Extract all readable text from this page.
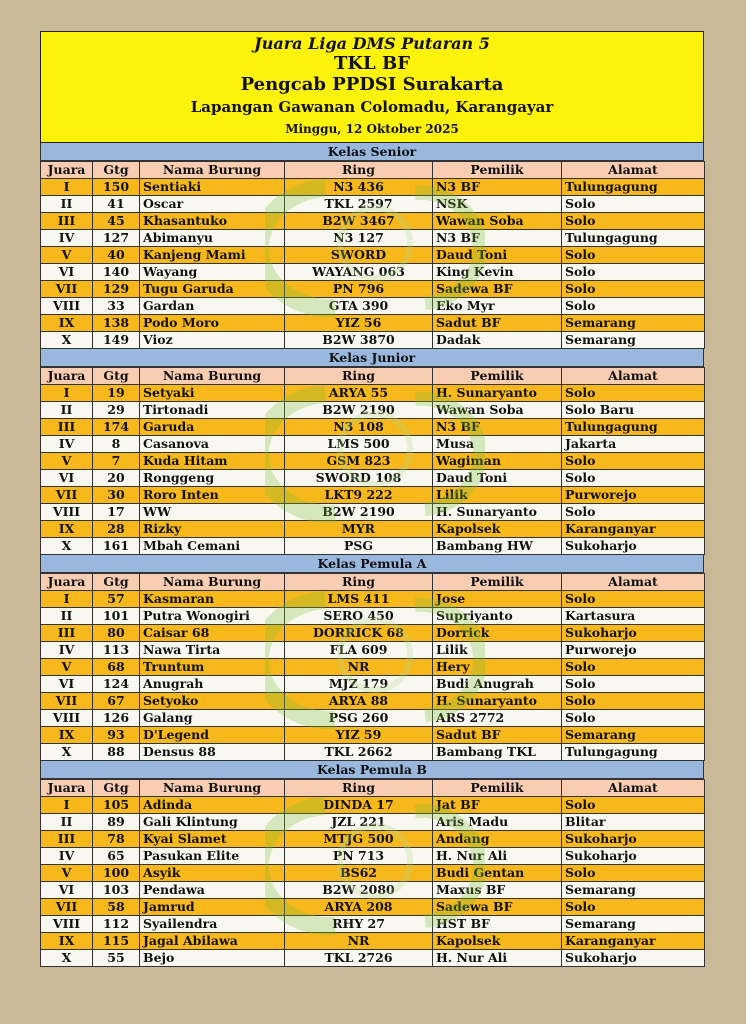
Juara Liga DMS Putaran 5
TKL BF
Pengcab PPDSI Surakarta
Lapangan Gawanan Colomadu, Karangayar
Minggu, 12 Oktober 2025
Kelas Senior
Juara	Gtg	Nama Burung	Ring	Pemilik	Alamat
I	150	Sentiaki	N3 436	N3 BF	Tulungagung
II	41	Oscar	TKL 2597	NSK	Solo
III	45	Khasantuko	B2W 3467	Wawan Soba	Solo
IV	127	Abimanyu	N3 127	N3 BF	Tulungagung
V	40	Kanjeng Mami	SWORD	Daud Toni	Solo
VI	140	Wayang	WAYANG 063	King Kevin	Solo
VII	129	Tugu Garuda	PN 796	Sadewa BF	Solo
VIII	33	Gardan	GTA 390	Eko Myr	Solo
IX	138	Podo Moro	YIZ 56	Sadut BF	Semarang
X	149	Vioz	B2W 3870	Dadak	Semarang
Kelas Junior
Juara	Gtg	Nama Burung	Ring	Pemilik	Alamat
I	19	Setyaki	ARYA 55	H. Sunaryanto	Solo
II	29	Tirtonadi	B2W 2190	Wawan Soba	Solo Baru
III	174	Garuda	N3 108	N3 BF	Tulungagung
IV	8	Casanova	LMS 500	Musa	Jakarta
V	7	Kuda Hitam	GSM 823	Wagiman	Solo
VI	20	Ronggeng	SWORD 108	Daud Toni	Solo
VII	30	Roro Inten	LKT9 222	Lilik	Purworejo
VIII	17	WW	B2W 2190	H. Sunaryanto	Solo
IX	28	Rizky	MYR	Kapolsek	Karanganyar
X	161	Mbah Cemani	PSG	Bambang HW	Sukoharjo
Kelas Pemula A
Juara	Gtg	Nama Burung	Ring	Pemilik	Alamat
I	57	Kasmaran	LMS 411	Jose	Solo
II	101	Putra Wonogiri	SERO 450	Supriyanto	Kartasura
III	80	Caisar 68	DORRICK 68	Dorrick	Sukoharjo
IV	113	Nawa Tirta	FLA 609	Lilik	Purworejo
V	68	Truntum	NR	Hery	Solo
VI	124	Anugrah	MJZ 179	Budi Anugrah	Solo
VII	67	Setyoko	ARYA 88	H. Sunaryanto	Solo
VIII	126	Galang	PSG 260	ARS 2772	Solo
IX	93	D'Legend	YIZ 59	Sadut BF	Semarang
X	88	Densus 88	TKL 2662	Bambang TKL	Tulungagung
Kelas Pemula B
Juara	Gtg	Nama Burung	Ring	Pemilik	Alamat
I	105	Adinda	DINDA 17	Jat BF	Solo
II	89	Gali Klintung	JZL 221	Aris Madu	Blitar
III	78	Kyai Slamet	MTJG 500	Andang	Sukoharjo
IV	65	Pasukan Elite	PN 713	H. Nur Ali	Sukoharjo
V	100	Asyik	BS62	Budi Gentan	Solo
VI	103	Pendawa	B2W 2080	Maxus BF	Semarang
VII	58	Jamrud	ARYA 208	Sadewa BF	Solo
VIII	112	Syailendra	RHY 27	HST BF	Semarang
IX	115	Jagal Abilawa	NR	Kapolsek	Karanganyar
X	55	Bejo	TKL 2726	H. Nur Ali	Sukoharjo
